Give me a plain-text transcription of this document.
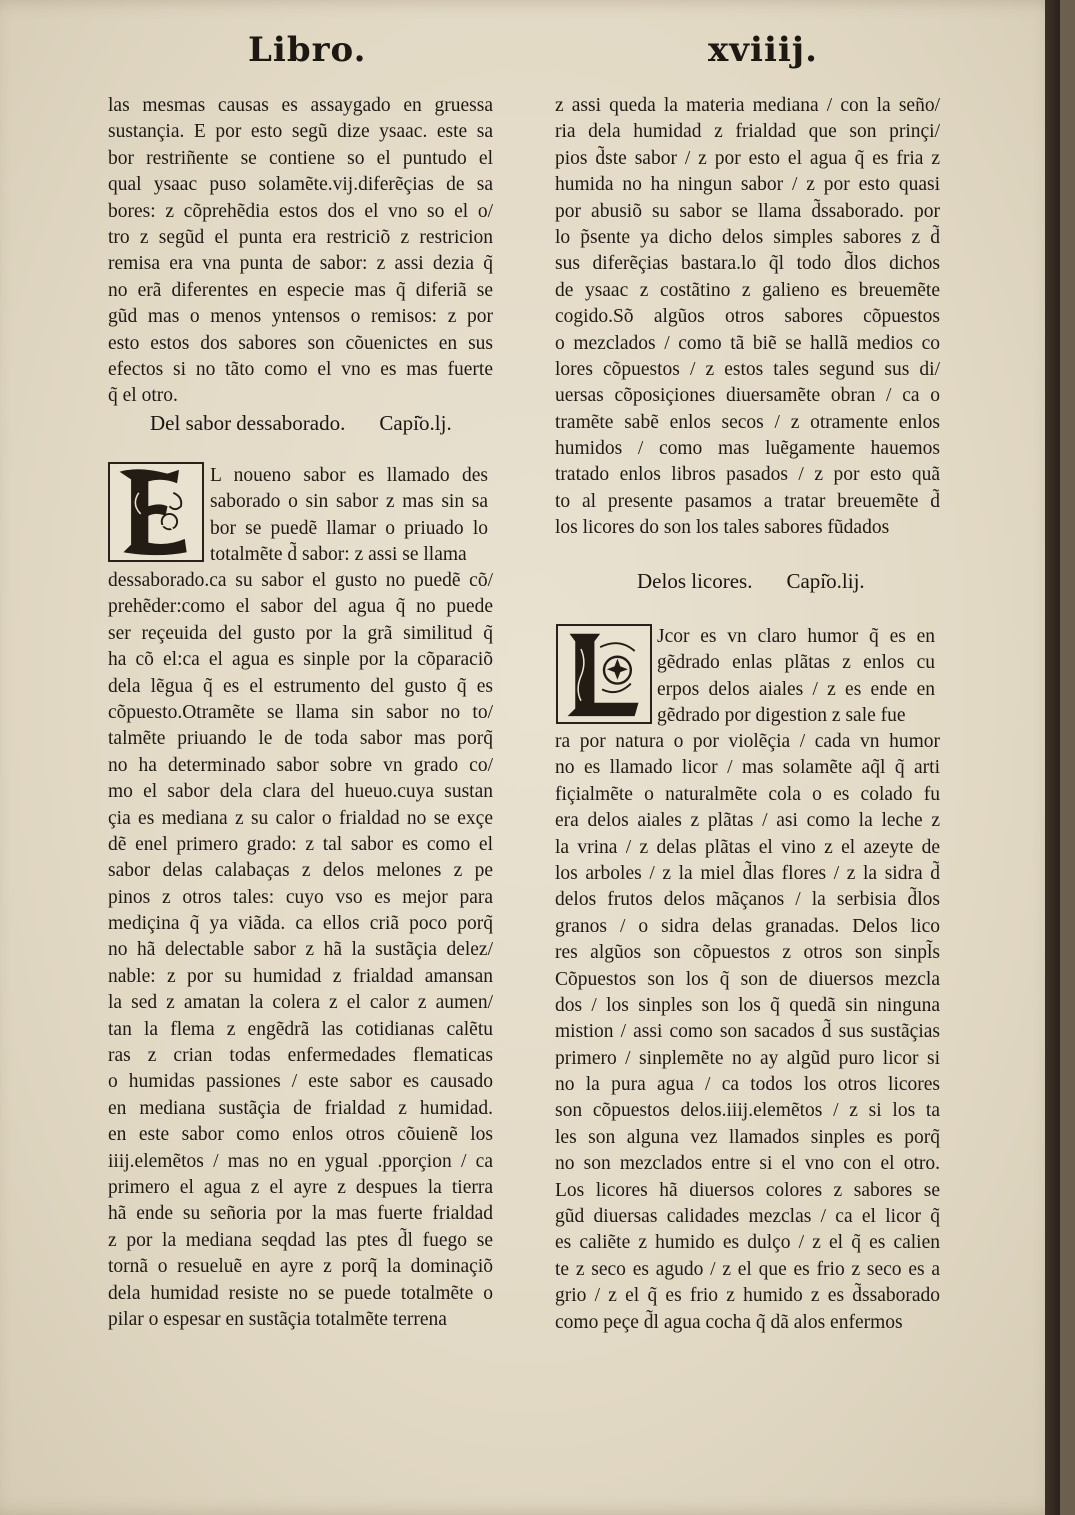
Libro.	xviiij.
las mesmas causas es assaygado en gruessa
sustançia. E por esto segũ dize ysaac. este sa
bor restriñente se contiene so el puntudo el
qual ysaac puso solamẽte.vij.diferẽçias de sa
bores: z cõprehẽdia estos dos el vno so el o/
tro z segũd el punta era restriciõ z restricion
remisa era vna punta de sabor: z assi dezia q̃
no erã diferentes en especie mas q̃ diferiã se
gũd mas o menos yntensos o remisos: z por
esto estos dos sabores son cõuenictes en sus
efectos si no tãto como el vno es mas fuerte
q̃ el otro.
Del sabor dessaborado. Capi͂o.lj.
L noueno sabor es llamado des
saborado o sin sabor z mas sin sa
bor se puedẽ llamar o priuado lo
totalmẽte d̃ sabor: z assi se llama
dessaborado.ca su sabor el gusto no puedẽ cõ/
prehẽder:como el sabor del agua q̃ no puede
ser reçeuida del gusto por la grã similitud q̃
ha cõ el:ca el agua es sinple por la cõparaciõ
dela lẽgua q̃ es el estrumento del gusto q̃ es
cõpuesto.Otramẽte se llama sin sabor no to/
talmẽte priuando le de toda sabor mas porq̃
no ha determinado sabor sobre vn grado co/
mo el sabor dela clara del hueuo.cuya sustan
çia es mediana z su calor o frialdad no se exçe
dẽ enel primero grado: z tal sabor es como el
sabor delas calabaças z delos melones z pe
pinos z otros tales: cuyo vso es mejor para
mediçina q̃ ya viãda. ca ellos criã poco porq̃
no hã delectable sabor z hã la sustãçia delez/
nable: z por su humidad z frialdad amansan
la sed z amatan la colera z el calor z aumen/
tan la flema z engẽdrã las cotidianas calẽtu
ras z crian todas enfermedades flematicas
o humidas passiones / este sabor es causado
en mediana sustãçia de frialdad z humidad.
en este sabor como enlos otros cõuienẽ los
iiij.elemẽtos / mas no en ygual .pporçion / ca
primero el agua z el ayre z despues la tierra
hã ende su señoria por la mas fuerte frialdad
z por la mediana seqdad las ptes d̃l fuego se
tornã o resueluẽ en ayre z porq̃ la dominaçiõ
dela humidad resiste no se puede totalmẽte o
pilar o espesar en sustãçia totalmẽte terrena
z assi queda la materia mediana / con la seño/
ria dela humidad z frialdad que son prinçi/
pios d̃ste sabor / z por esto el agua q̃ es fria z
humida no ha ningun sabor / z por esto quasi
por abusiõ su sabor se llama d̃ssaborado. por
lo p̃sente ya dicho delos simples sabores z d̃
sus diferẽçias bastara.lo q̃l todo d̃los dichos
de ysaac z costãtino z galieno es breuemẽte
cogido.Sõ algũos otros sabores cõpuestos
o mezclados / como tã biẽ se hallã medios co
lores cõpuestos / z estos tales segund sus di/
uersas cõposiçiones diuersamẽte obran / ca o
tramẽte sabẽ enlos secos / z otramente enlos
humidos / como mas luẽgamente hauemos
tratado enlos libros pasados / z por esto quã
to al presente pasamos a tratar breuemẽte d̃
los licores do son los tales sabores fũdados
Delos licores. Capi͂o.lij.
Jcor es vn claro humor q̃ es en
gẽdrado enlas plãtas z enlos cu
erpos delos aiales / z es ende en
gẽdrado por digestion z sale fue
ra por natura o por violẽçia / cada vn humor
no es llamado licor / mas solamẽte aq̃l q̃ arti
fiçialmẽte o naturalmẽte cola o es colado fu
era delos aiales z plãtas / asi como la leche z
la vrina / z delas plãtas el vino z el azeyte de
los arboles / z la miel d̃las flores / z la sidra d̃
delos frutos delos mãçanos / la serbisia d̃los
granos / o sidra delas granadas. Delos lico
res algũos son cõpuestos z otros son sinpl̃s
Cõpuestos son los q̃ son de diuersos mezcla
dos / los sinples son los q̃ quedã sin ninguna
mistion / assi como son sacados d̃ sus sustãçias
primero / sinplemẽte no ay algũd puro licor si
no la pura agua / ca todos los otros licores
son cõpuestos delos.iiij.elemẽtos / z si los ta
les son alguna vez llamados sinples es porq̃
no son mezclados entre si el vno con el otro.
Los licores hã diuersos colores z sabores se
gũd diuersas calidades mezclas / ca el licor q̃
es caliẽte z humido es dulço / z el q̃ es calien
te z seco es agudo / z el que es frio z seco es a
grio / z el q̃ es frio z humido z es d̃ssaborado
como peçe d̃l agua cocha q̃ dã alos enfermos
